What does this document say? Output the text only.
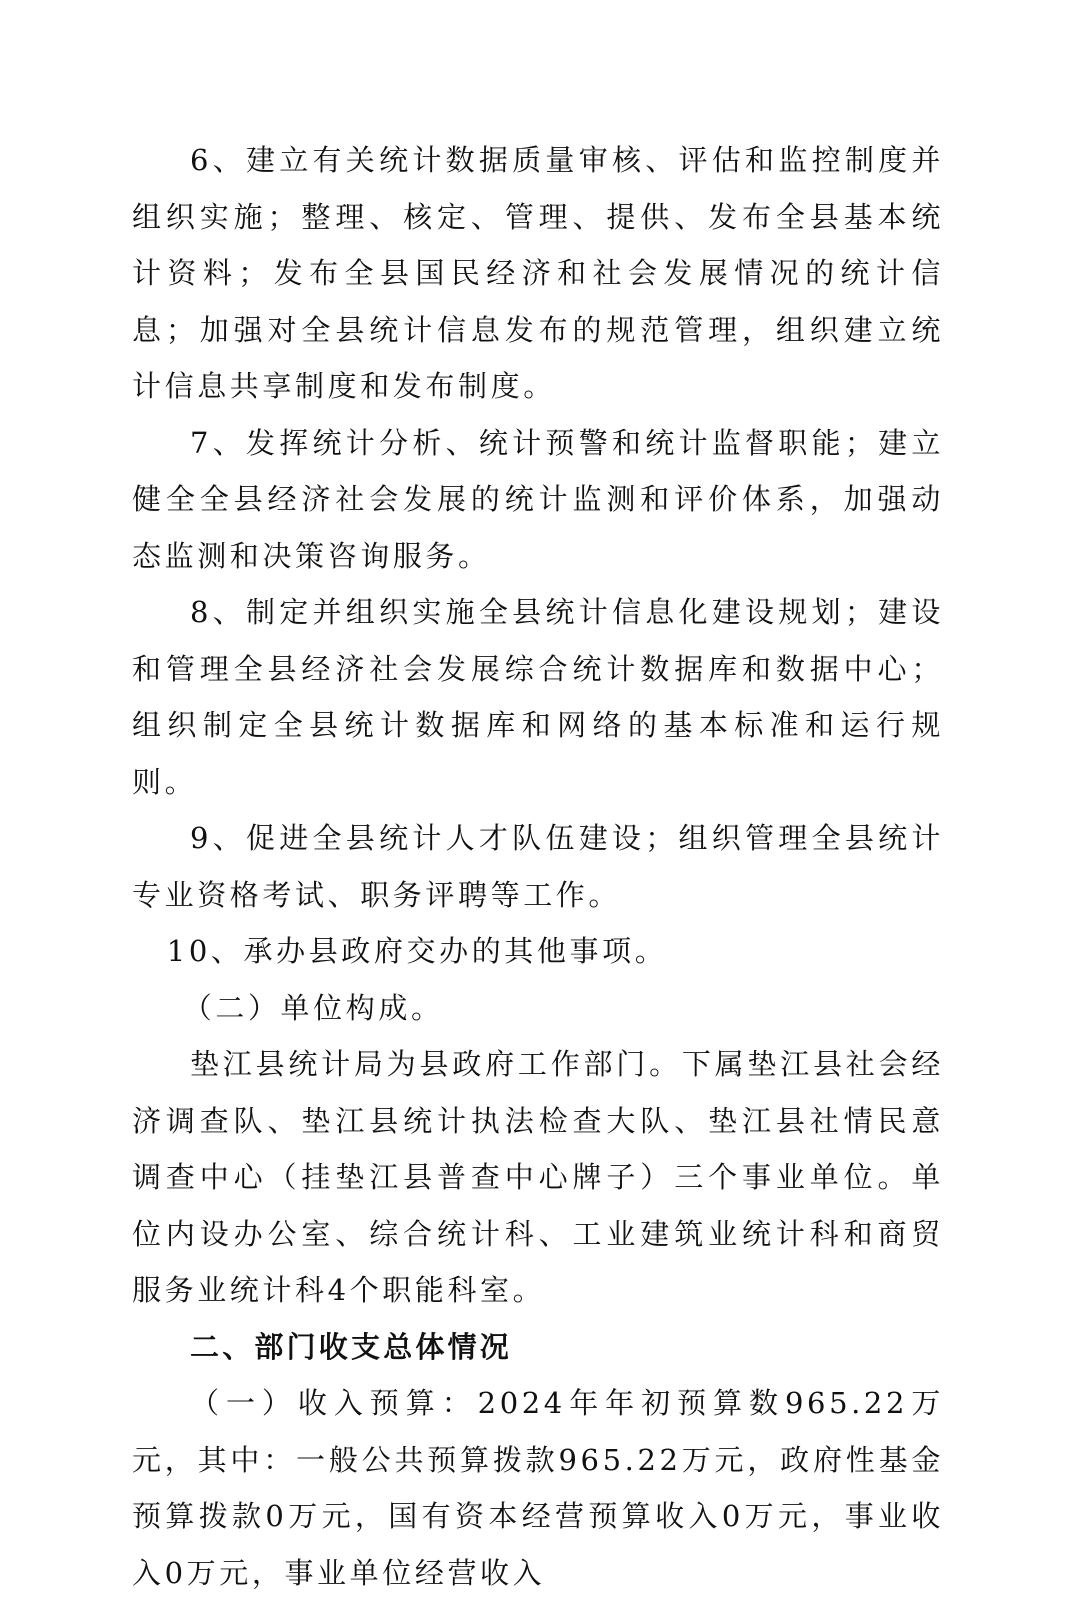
6、建立有关统计数据质量审核、评估和监控制度并组织实施；整理、核定、管理、提供、发布全县基本统计资料；发布全县国民经济和社会发展情况的统计信息；加强对全县统计信息发布的规范管理，组织建立统计信息共享制度和发布制度。

7、发挥统计分析、统计预警和统计监督职能；建立健全全县经济社会发展的统计监测和评价体系，加强动态监测和决策咨询服务。

8、制定并组织实施全县统计信息化建设规划；建设和管理全县经济社会发展综合统计数据库和数据中心；组织制定全县统计数据库和网络的基本标准和运行规则。

9、促进全县统计人才队伍建设；组织管理全县统计专业资格考试、职务评聘等工作。

10、承办县政府交办的其他事项。

（二）单位构成。

垫江县统计局为县政府工作部门。下属垫江县社会经济调查队、垫江县统计执法检查大队、垫江县社情民意调查中心（挂垫江县普查中心牌子）三个事业单位。单位内设办公室、综合统计科、工业建筑业统计科和商贸服务业统计科4个职能科室。

二、部门收支总体情况

（一）收入预算：2024年年初预算数965.22万元，其中：一般公共预算拨款965.22万元，政府性基金预算拨款0万元，国有资本经营预算收入0万元，事业收入0万元，事业单位经营收入
